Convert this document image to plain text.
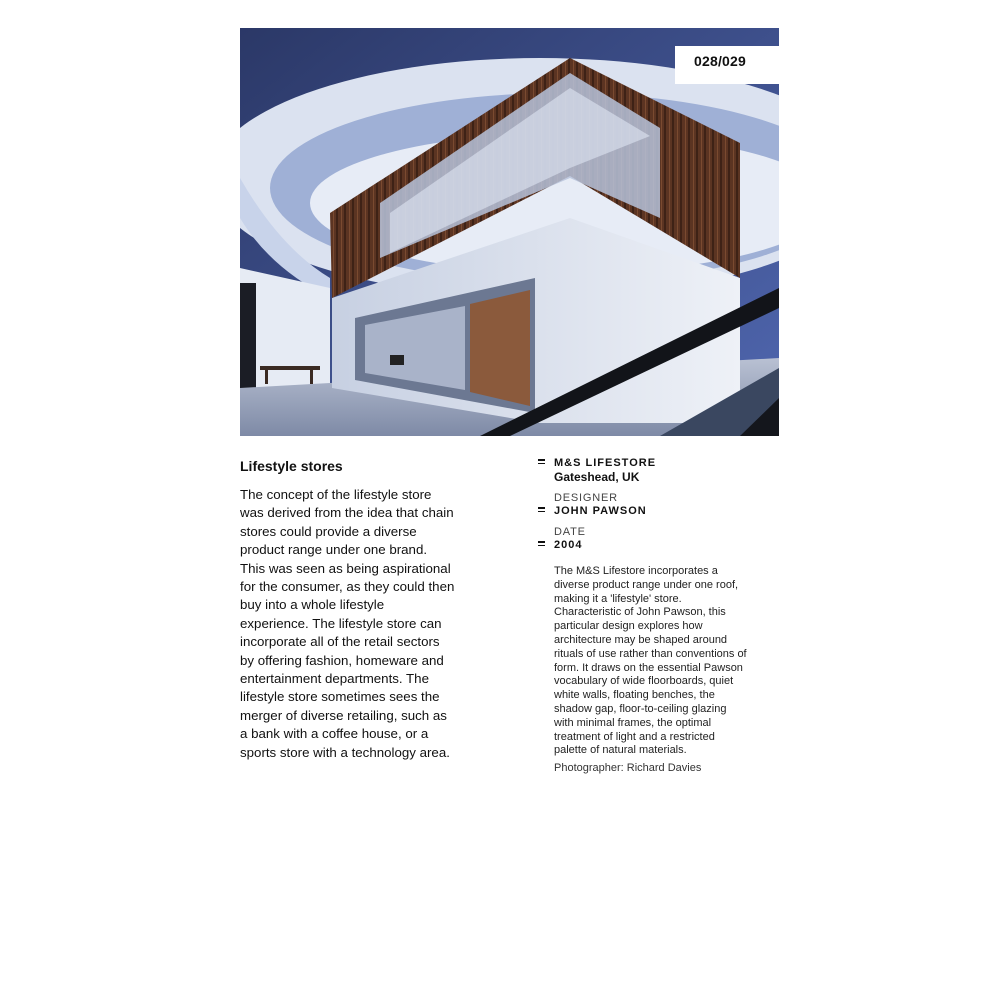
028/029

Lifestyle stores

The concept of the lifestyle store was derived from the idea that chain stores could provide a diverse product range under one brand. This was seen as being aspirational for the consumer, as they could then buy into a whole lifestyle experience. The lifestyle store can incorporate all of the retail sectors by offering fashion, homeware and entertainment departments. The lifestyle store sometimes sees the merger of diverse retailing, such as a bank with a coffee house, or a sports store with a technology area.

M&S LIFESTORE
Gateshead, UK
DESIGNER
JOHN PAWSON
DATE
2004
The M&S Lifestore incorporates a diverse product range under one roof, making it a 'lifestyle' store. Characteristic of John Pawson, this particular design explores how architecture may be shaped around rituals of use rather than conventions of form. It draws on the essential Pawson vocabulary of wide floorboards, quiet white walls, floating benches, the shadow gap, floor-to-ceiling glazing with minimal frames, the optimal treatment of light and a restricted palette of natural materials.
Photographer: Richard Davies
